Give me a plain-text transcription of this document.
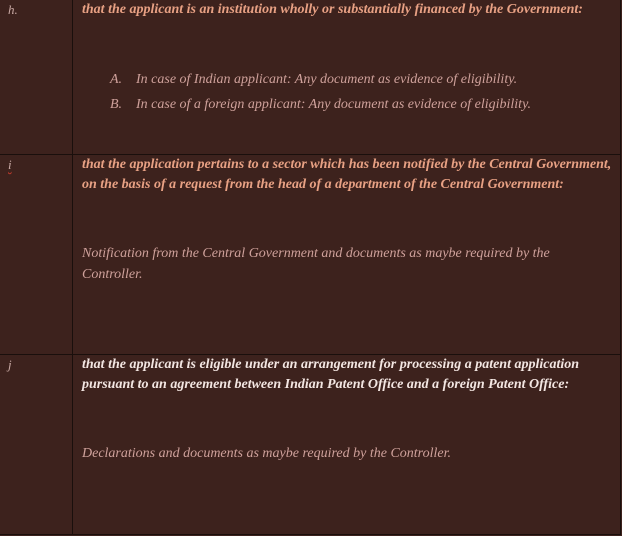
h.	that the applicant is an institution wholly or substantially financed by the Government:

A. In case of Indian applicant: Any document as evidence of eligibility.
B. In case of a foreign applicant: Any document as evidence of eligibility.
i	that the application pertains to a sector which has been notified by the Central Government, on the basis of a request from the head of a department of the Central Government:

Notification from the Central Government and documents as maybe required by the Controller.

j	that the applicant is eligible under an arrangement for processing a patent application pursuant to an agreement between Indian Patent Office and a foreign Patent Office:

Declarations and documents as maybe required by the Controller.
